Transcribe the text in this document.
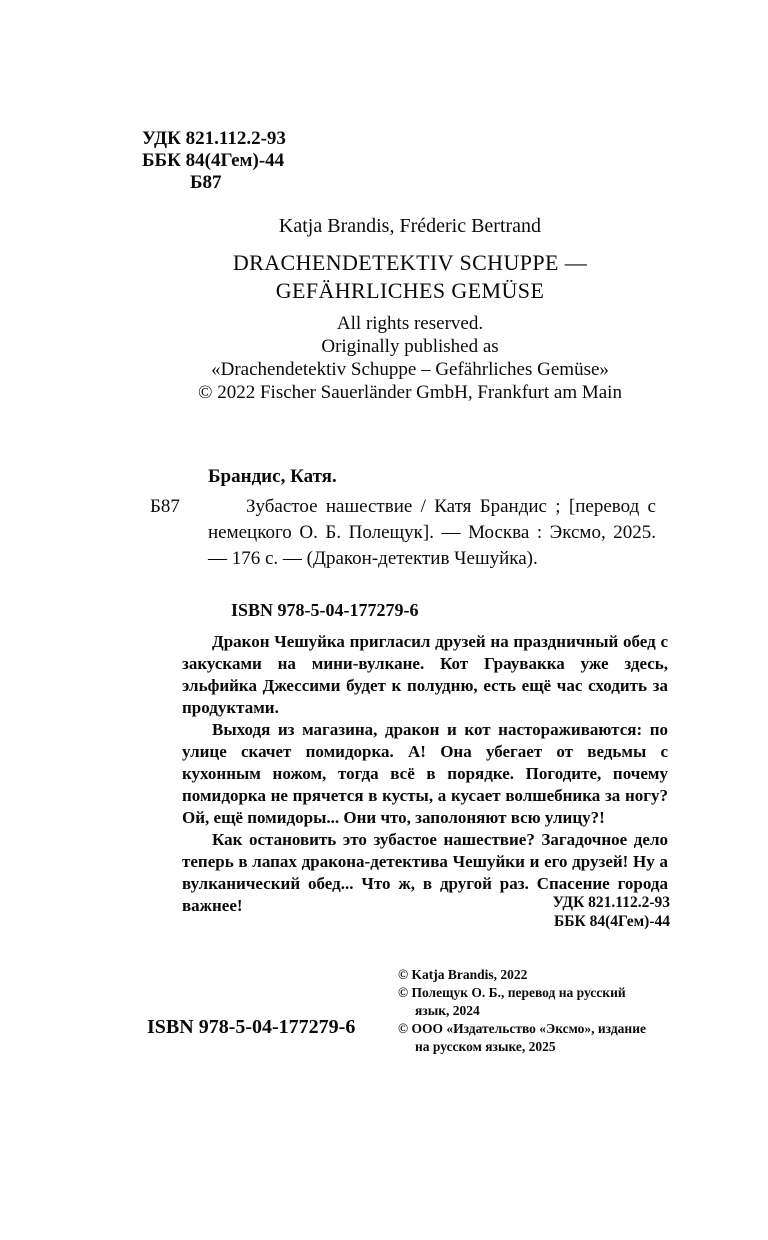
УДК 821.112.2-93
ББК 84(4Гем)-44
Б87
Katja Brandis, Fréderic Bertrand
DRACHENDETEKTIV SCHUPPE —
GEFÄHRLICHES GEMÜSE
All rights reserved.
Originally published as
«Drachendetektiv Schuppe – Gefährliches Gemüse»
© 2022 Fischer Sauerländer GmbH, Frankfurt am Main
Брандис, Катя.
Б87	Зубастое нашествие / Катя Брандис ; [перевод с немецкого О. Б. Полещук]. — Москва : Эксмо, 2025. — 176 с. — (Дракон-детектив Чешуйка).
ISBN 978-5-04-177279-6

Дракон Чешуйка пригласил друзей на праздничный обед с закусками на мини-вулкане. Кот Граувакка уже здесь, эльфийка Джессими будет к полудню, есть ещё час сходить за продуктами.

Выходя из магазина, дракон и кот настораживаются: по улице скачет помидорка. А! Она убегает от ведьмы с кухонным ножом, тогда всё в порядке. Погодите, почему помидорка не прячется в кусты, а кусает волшебника за ногу? Ой, ещё помидоры... Они что, заполоняют всю улицу?!

Как остановить это зубастое нашествие? Загадочное дело теперь в лапах дракона-детектива Чешуйки и его друзей! Ну а вулканический обед... Что ж, в другой раз. Спасение города важнее!	УДК 821.112.2-93
ББК 84(4Гем)-44
© Katja Brandis, 2022
© Полещук О. Б., перевод на русский
язык, 2024
© ООО «Издательство «Эксмо», издание
на русском языке, 2025
ISBN 978-5-04-177279-6
